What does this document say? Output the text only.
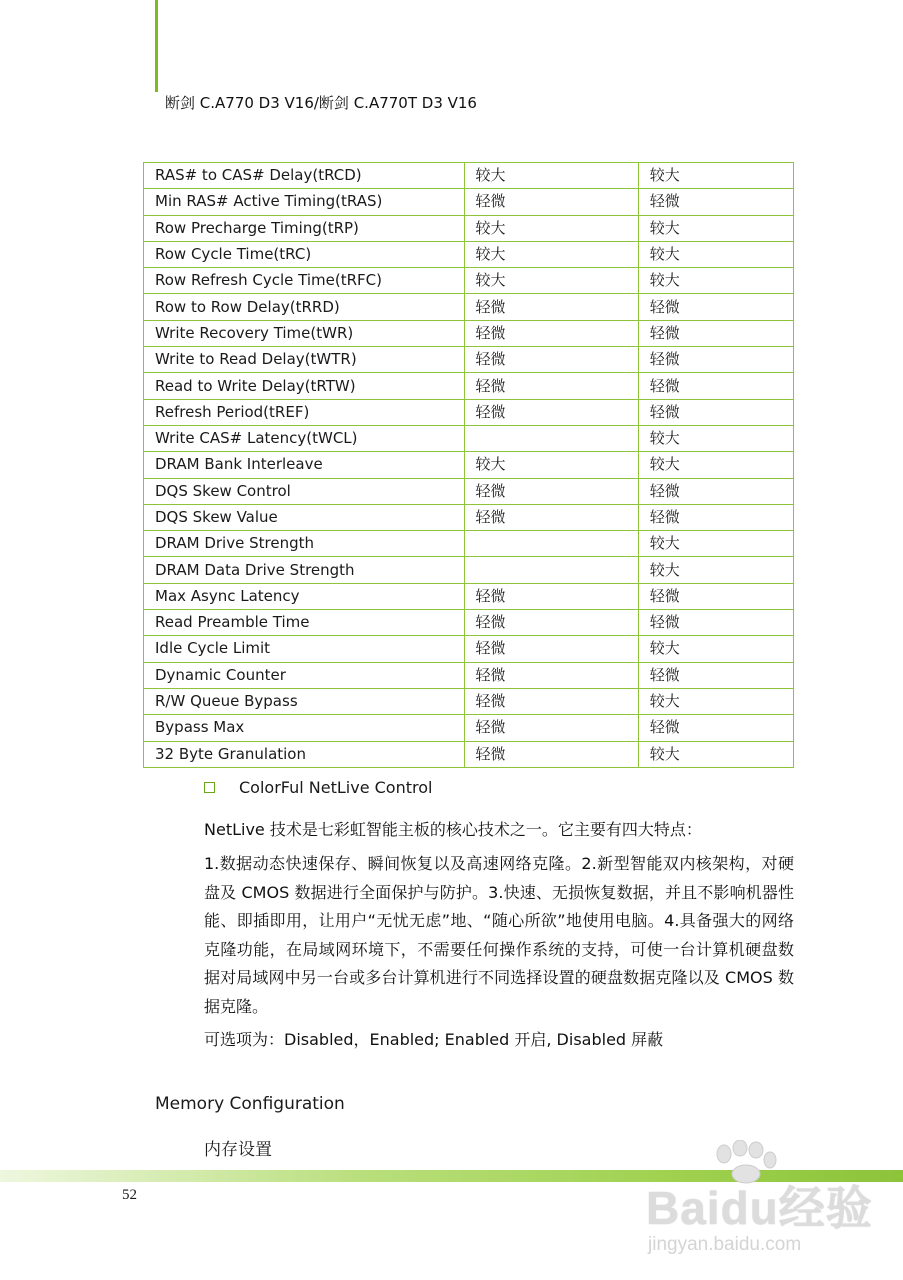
断剑 C.A770 D3 V16/断剑 C.A770T D3 V16
RAS# to CAS# Delay(tRCD)	较大	较大
Min RAS# Active Timing(tRAS)	轻微	轻微
Row Precharge Timing(tRP)	较大	较大
Row Cycle Time(tRC)	较大	较大
Row Refresh Cycle Time(tRFC)	较大	较大
Row to Row Delay(tRRD)	轻微	轻微
Write Recovery Time(tWR)	轻微	轻微
Write to Read Delay(tWTR)	轻微	轻微
Read to Write Delay(tRTW)	轻微	轻微
Refresh Period(tREF)	轻微	轻微
Write CAS# Latency(tWCL)		较大
DRAM Bank Interleave	较大	较大
DQS Skew Control	轻微	轻微
DQS Skew Value	轻微	轻微
DRAM Drive Strength		较大
DRAM Data Drive Strength		较大
Max Async Latency	轻微	轻微
Read Preamble Time	轻微	轻微
Idle Cycle Limit	轻微	较大
Dynamic Counter	轻微	轻微
R/W Queue Bypass	轻微	较大
Bypass Max	轻微	轻微
32 Byte Granulation	轻微	较大
ColorFul NetLive Control
NetLive 技术是七彩虹智能主板的核心技术之一。它主要有四大特点：
1.数据动态快速保存、瞬间恢复以及高速网络克隆。2.新型智能双内核架构，对硬盘及 CMOS 数据进行全面保护与防护。3.快速、无损恢复数据，并且不影响机器性能、即插即用，让用户“无忧无虑”地、“随心所欲”地使用电脑。4.具备强大的网络克隆功能，在局域网环境下，不需要任何操作系统的支持，可使一台计算机硬盘数据对局域网中另一台或多台计算机进行不同选择设置的硬盘数据克隆以及 CMOS 数据克隆。
可选项为：Disabled，Enabled; Enabled 开启, Disabled 屏蔽
Memory Configuration
内存设置
52	Baidu经验
jingyan.baidu.com
